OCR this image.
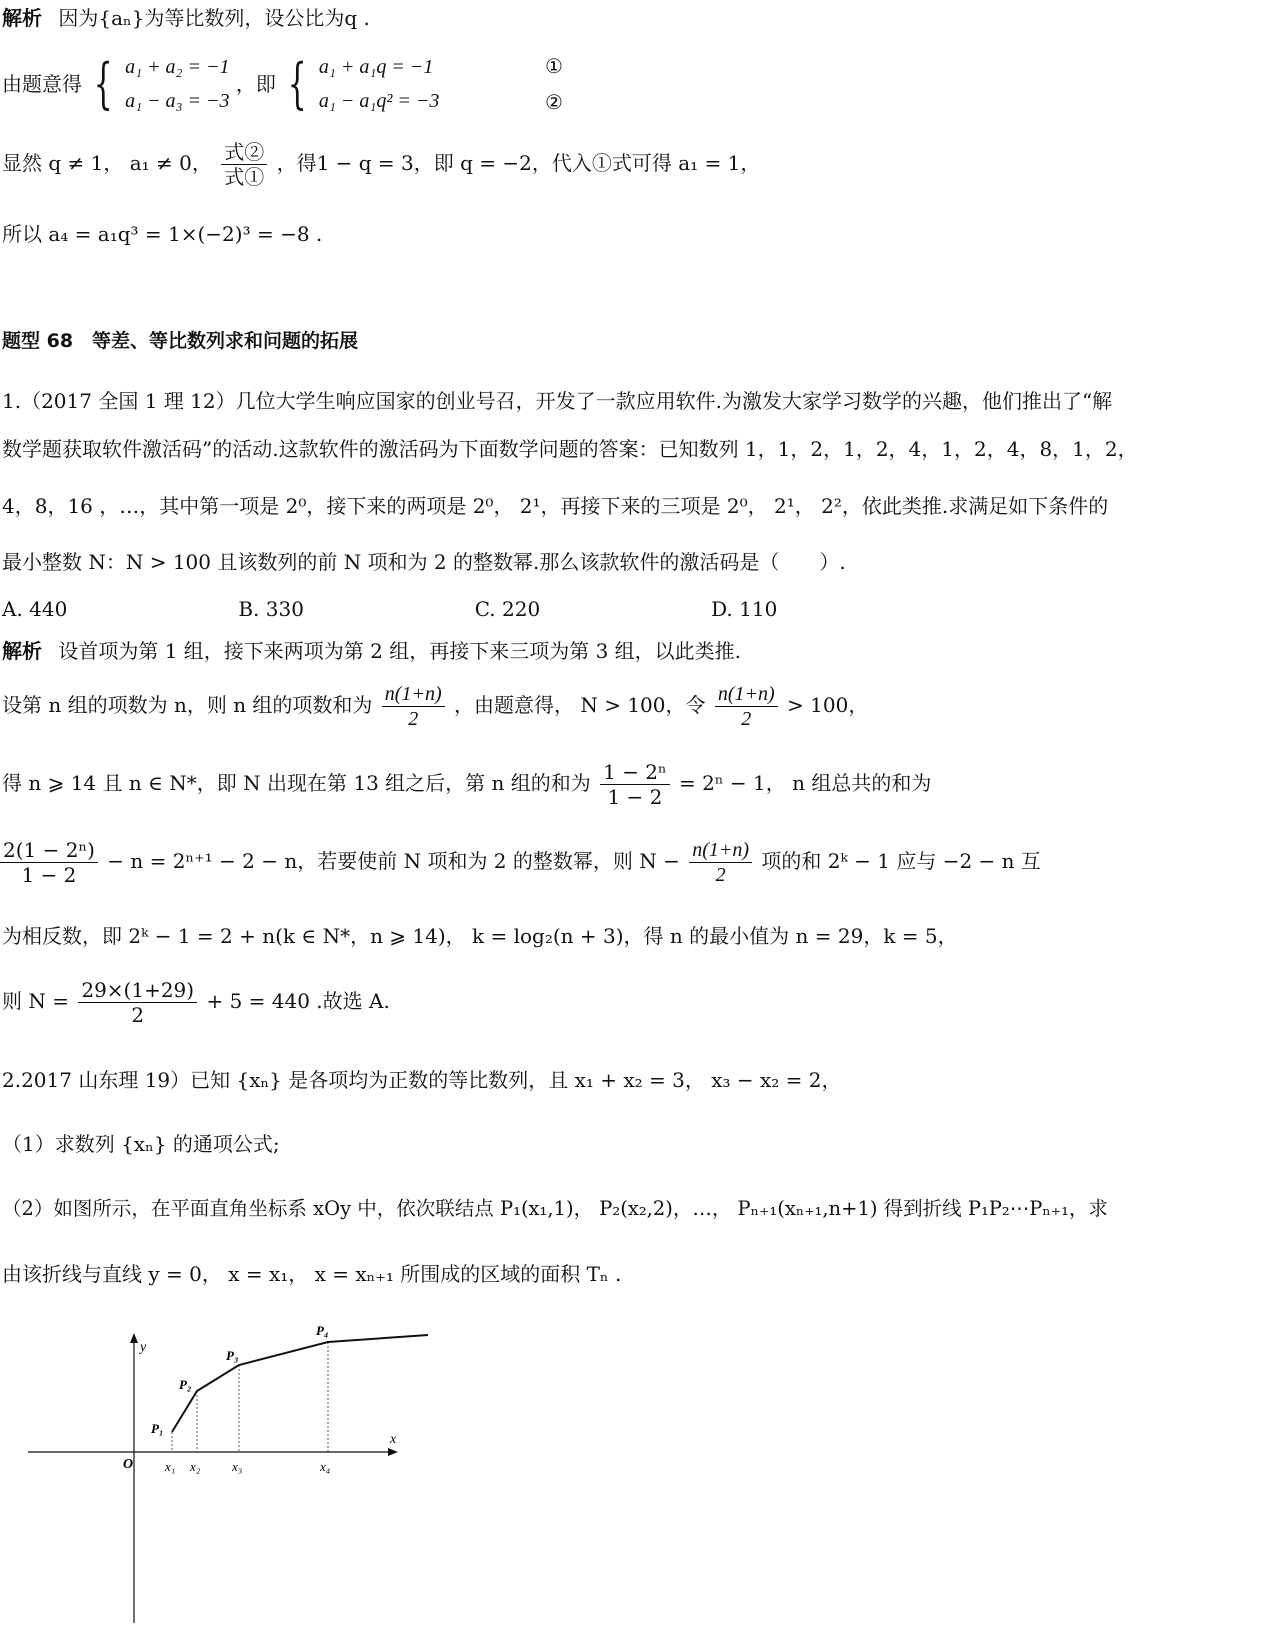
解析 因为{aₙ}为等比数列，设公比为q .
由题意得 { a₁ + a₂ = −1
a₁ − a₃ = −3
，即 { a₁ + a₁q = −1
a₁ − a₁q² = −3
①
②
显然 q ≠ 1， a₁ ≠ 0， $\frac{\text{式②}}{\text{式①}}$ ，得1 − q = 3，即 q = −2，代入①式可得 a₁ = 1，
所以 a₄ = a₁q³ = 1×(−2)³ = −8 .
题型 68　等差、等比数列求和问题的拓展
1.（2017 全国 1 理 12）几位大学生响应国家的创业号召，开发了一款应用软件.为激发大家学习数学的兴趣，他们推出了“解
数学题获取软件激活码”的活动.这款软件的激活码为下面数学问题的答案：已知数列 1，1，2，1，2，4，1，2，4，8，1，2，
4，8，16 ，…，其中第一项是 2⁰，接下来的两项是 2⁰， 2¹，再接下来的三项是 2⁰， 2¹， 2²，依此类推.求满足如下条件的
最小整数 N：N > 100 且该数列的前 N 项和为 2 的整数幂.那么该款软件的激活码是（　　）.
A. 440	B. 330	C. 220	D. 110
解析 设首项为第 1 组，接下来两项为第 2 组，再接下来三项为第 3 组，以此类推.
设第 n 组的项数为 n，则 n 组的项数和为 $\frac{n(1+n)}{2}$ ，由题意得， N > 100，令 $\frac{n(1+n)}{2} > 100$，
得 n ⩾ 14 且 n ∈ N*，即 N 出现在第 13 组之后，第 n 组的和为 $\frac{\text{1 − 2ⁿ}}{1 - 2} = 2^n - 1$， n 组总共的和为
$\frac{\text{2(1 − 2ⁿ)}}{1 - 2} - n = 2^{n+1} - 2 - n$，若要使前 N 项和为 2 的整数幂，则 $N - \frac{n(1+n)}{2}$ 项的和 2ᵏ − 1 应与 −2 − n 互
为相反数，即 2ᵏ − 1 = 2 + n(k ∈ N*，n ⩾ 14)， k = log₂(n + 3)，得 n 的最小值为 n = 29，k = 5，
则 $N = \frac{29\times(1+29)}{2} + 5 = 440$ .故选 A.
2.2017 山东理 19）已知 {xₙ} 是各项均为正数的等比数列，且 x₁ + x₂ = 3， x₃ − x₂ = 2，
（1）求数列 {xₙ} 的通项公式;
（2）如图所示，在平面直角坐标系 xOy 中，依次联结点 P₁(x₁,1)， P₂(x₂,2)，…， Pₙ₊₁(xₙ₊₁,n+1) 得到折线 P₁P₂⋯Pₙ₊₁，求
由该折线与直线 y = 0， x = x₁， x = xₙ₊₁ 所围成的区域的面积 Tₙ .
y
x
O
P₁
P₂
P₃
P₄
x₁ x₂ x₃	x₄
